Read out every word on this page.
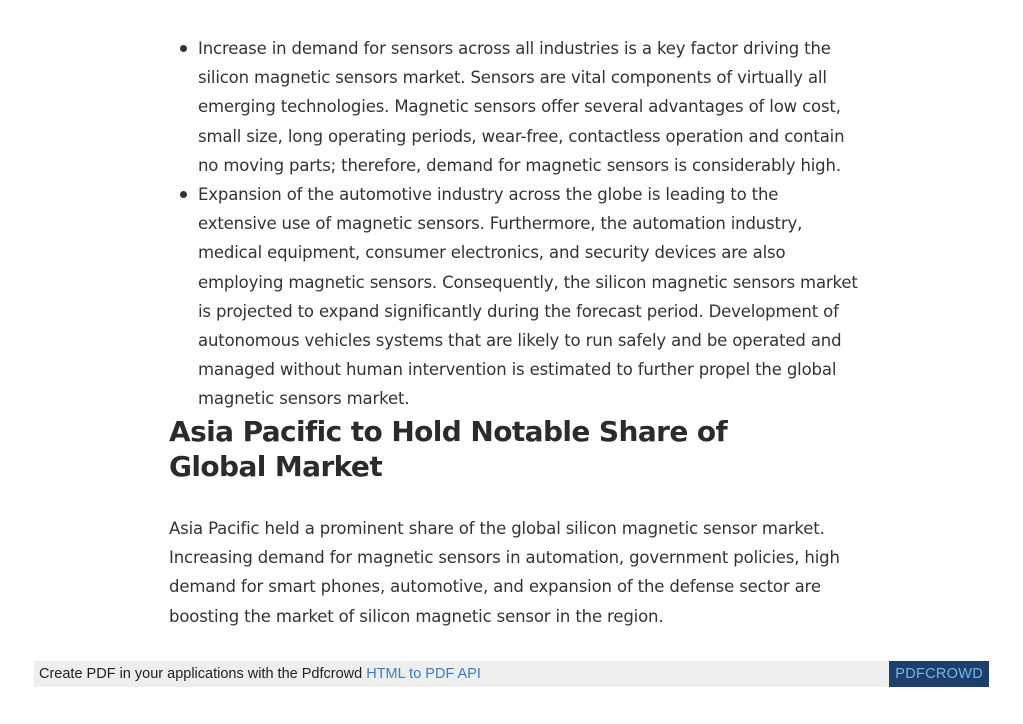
Increase in demand for sensors across all industries is a key factor driving the silicon magnetic sensors market. Sensors are vital components of virtually all emerging technologies. Magnetic sensors offer several advantages of low cost, small size, long operating periods, wear-free, contactless operation and contain no moving parts; therefore, demand for magnetic sensors is considerably high.
Expansion of the automotive industry across the globe is leading to the extensive use of magnetic sensors. Furthermore, the automation industry, medical equipment, consumer electronics, and security devices are also employing magnetic sensors. Consequently, the silicon magnetic sensors market is projected to expand significantly during the forecast period. Development of autonomous vehicles systems that are likely to run safely and be operated and managed without human intervention is estimated to further propel the global magnetic sensors market.
Asia Pacific to Hold Notable Share of Global Market

Asia Pacific held a prominent share of the global silicon magnetic sensor market. Increasing demand for magnetic sensors in automation, government policies, high demand for smart phones, automotive, and expansion of the defense sector are boosting the market of silicon magnetic sensor in the region.

Create PDF in your applications with the Pdfcrowd HTML to PDF API	PDFCROWD
